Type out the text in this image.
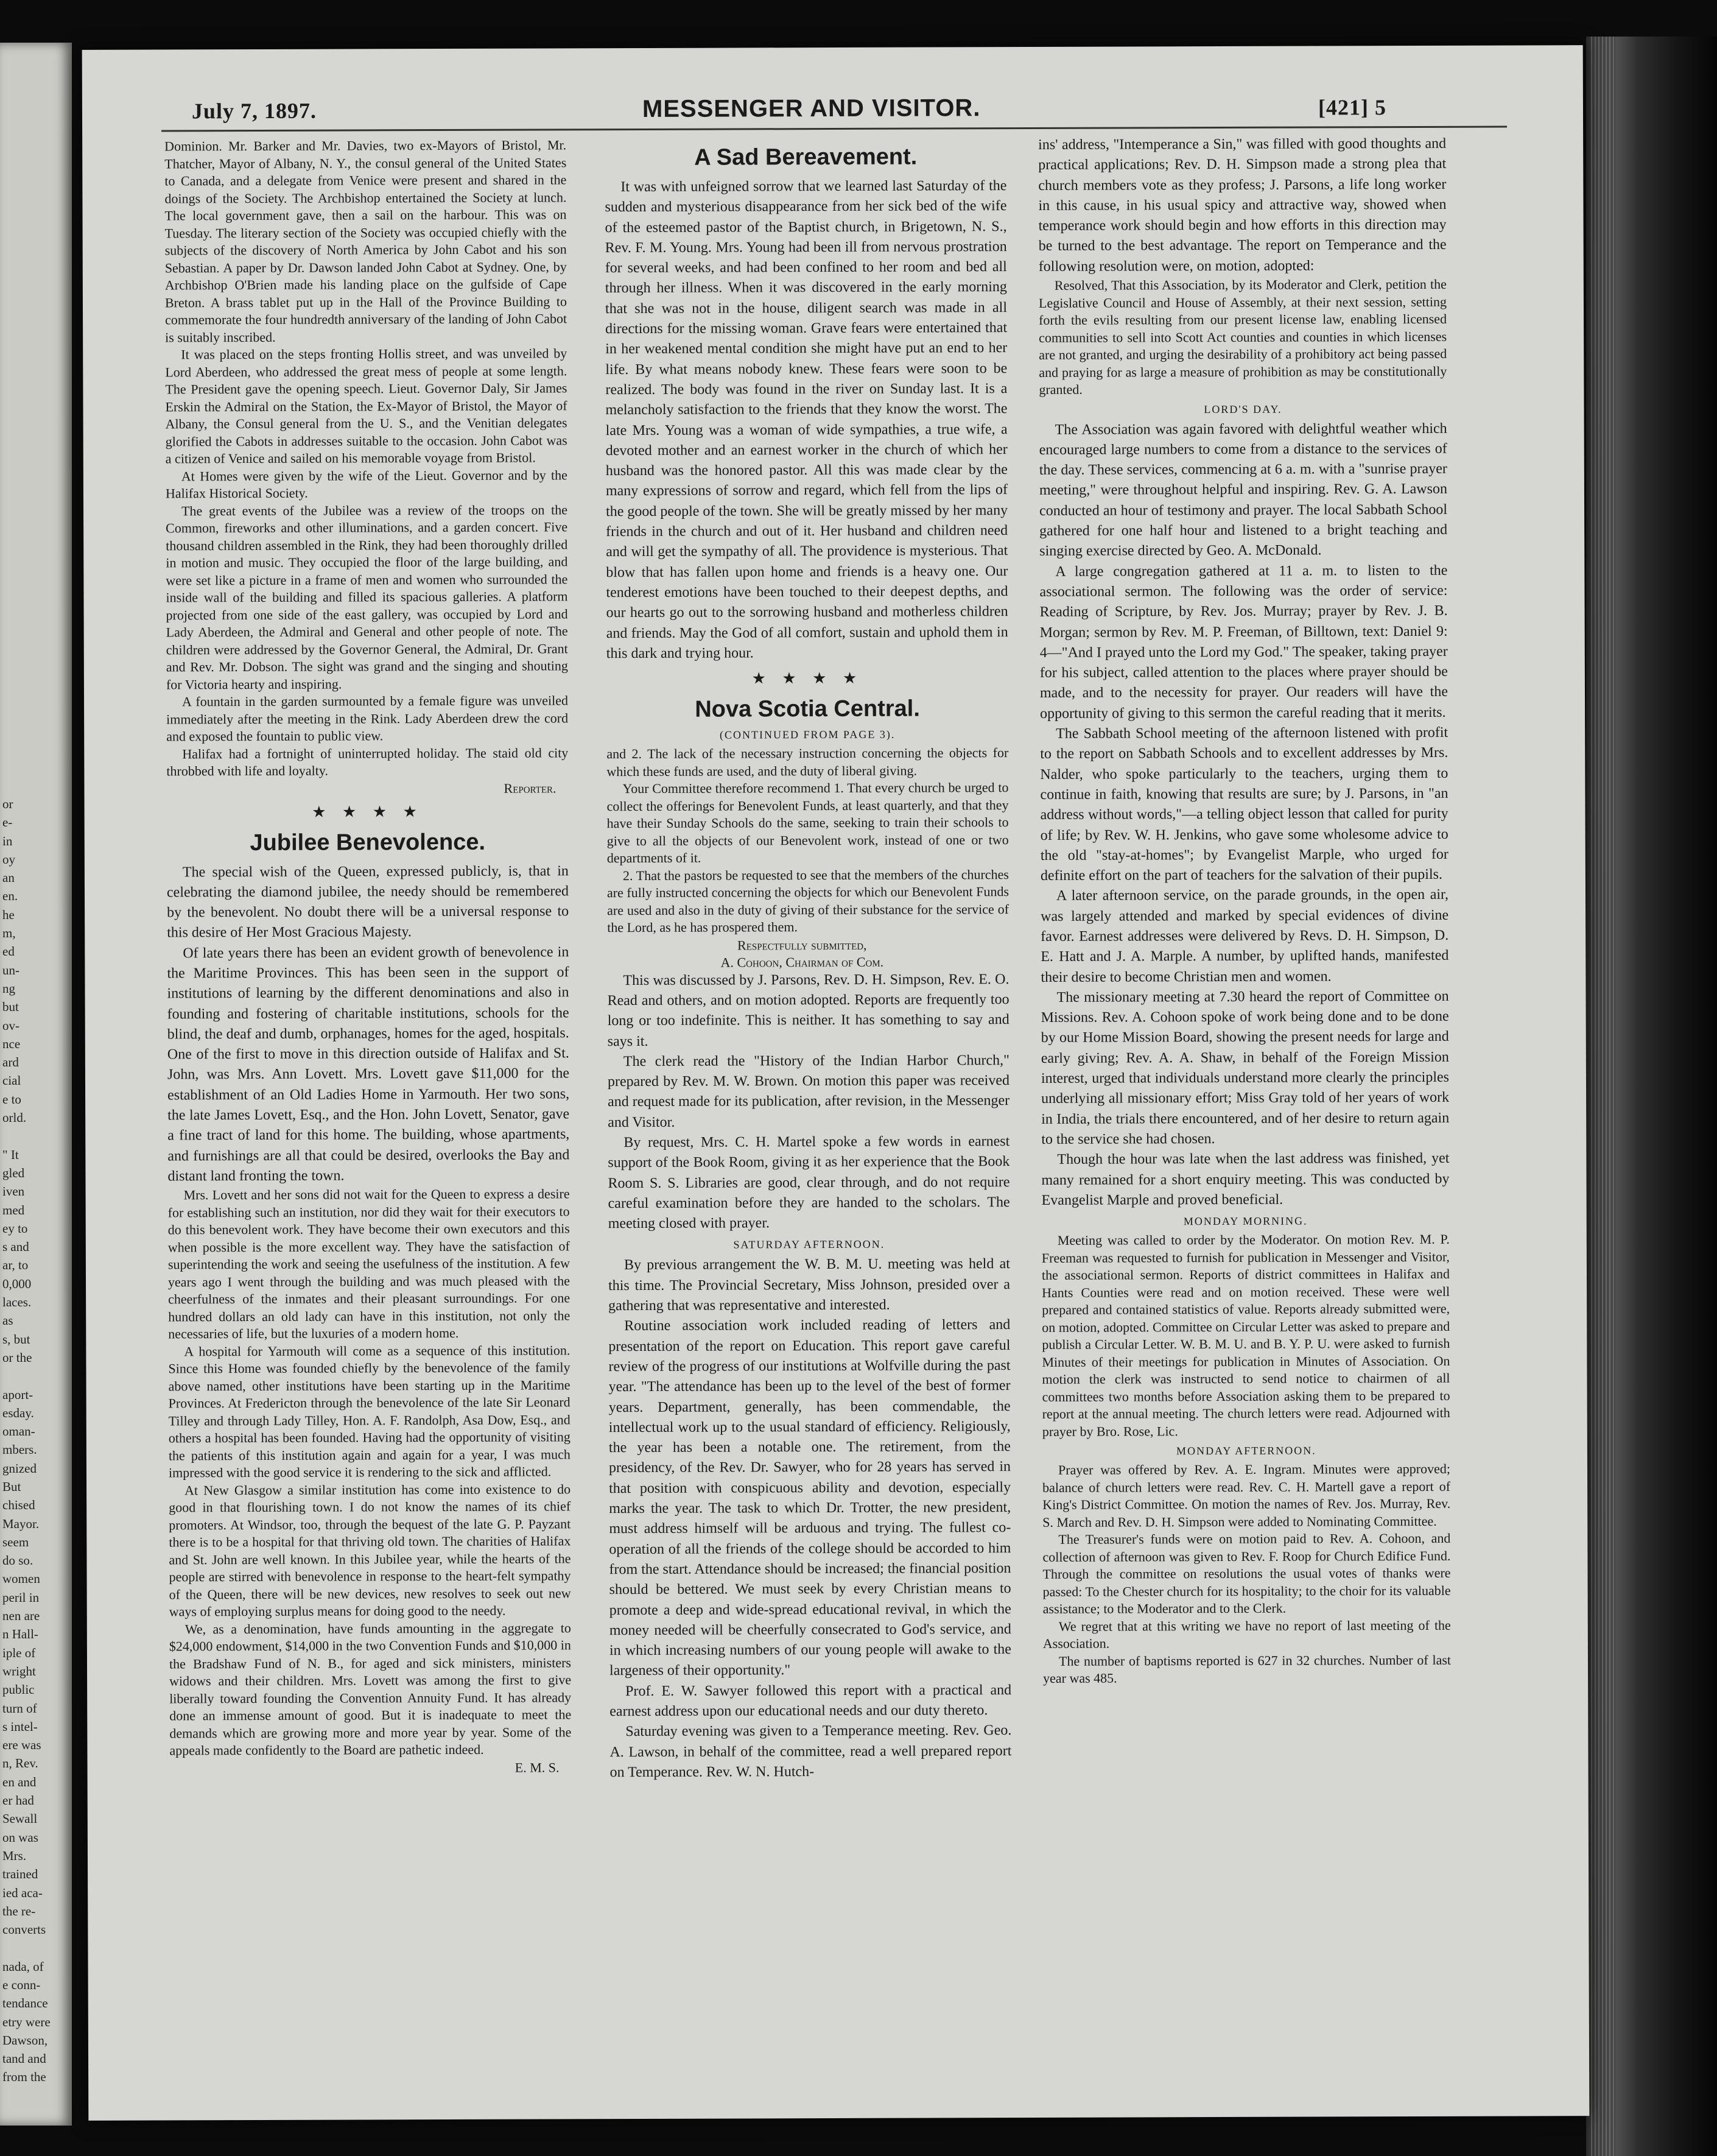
or
e-
in
oy
an
en.
he
m,
ed
un-
ng
but
ov-
nce
ard
cial
e to
orld.
" It
gled
iven
med
ey to
s and
ar, to
0,000
laces.
as
s, but
or the
aport-
esday.
oman-
mbers.
gnized
But
chised
Mayor.
seem
do so.
women
peril in
nen are
n Hall-
iple of
wright
public
turn of
s intel-
ere was
n, Rev.
en and
er had
Sewall
on was
Mrs.
trained
ied aca-
the re-
converts
nada, of
e conn-
tendance
etry were
Dawson,
tand and
from the
July 7, 1897.	MESSENGER AND VISITOR.	[421] 5

Dominion. Mr. Barker and Mr. Davies, two ex-Mayors of Bristol, Mr. Thatcher, Mayor of Albany, N. Y., the consul general of the United States to Canada, and a delegate from Venice were present and shared in the doings of the Society. The Archbishop entertained the Society at lunch. The local government gave, then a sail on the harbour. This was on Tuesday. The literary section of the Society was occupied chiefly with the subjects of the discovery of North America by John Cabot and his son Sebastian. A paper by Dr. Dawson landed John Cabot at Sydney. One, by Archbishop O'Brien made his landing place on the gulfside of Cape Breton. A brass tablet put up in the Hall of the Province Building to commemorate the four hundredth anniversary of the landing of John Cabot is suitably inscribed.

It was placed on the steps fronting Hollis street, and was unveiled by Lord Aberdeen, who addressed the great mess of people at some length. The President gave the opening speech. Lieut. Governor Daly, Sir James Erskin the Admiral on the Station, the Ex-Mayor of Bristol, the Mayor of Albany, the Consul general from the U. S., and the Venitian delegates glorified the Cabots in addresses suitable to the occasion. John Cabot was a citizen of Venice and sailed on his memorable voyage from Bristol.

At Homes were given by the wife of the Lieut. Governor and by the Halifax Historical Society.

The great events of the Jubilee was a review of the troops on the Common, fireworks and other illuminations, and a garden concert. Five thousand children assembled in the Rink, they had been thoroughly drilled in motion and music. They occupied the floor of the large building, and were set like a picture in a frame of men and women who surrounded the inside wall of the building and filled its spacious galleries. A platform projected from one side of the east gallery, was occupied by Lord and Lady Aberdeen, the Admiral and General and other people of note. The children were addressed by the Governor General, the Admiral, Dr. Grant and Rev. Mr. Dobson. The sight was grand and the singing and shouting for Victoria hearty and inspiring.

A fountain in the garden surmounted by a female figure was unveiled immediately after the meeting in the Rink. Lady Aberdeen drew the cord and exposed the fountain to public view.

Halifax had a fortnight of uninterrupted holiday. The staid old city throbbed with life and loyalty.

Reporter.
★ ★ ★ ★
Jubilee Benevolence.

The special wish of the Queen, expressed publicly, is, that in celebrating the diamond jubilee, the needy should be remembered by the benevolent. No doubt there will be a universal response to this desire of Her Most Gracious Majesty.

Of late years there has been an evident growth of benevolence in the Maritime Provinces. This has been seen in the support of institutions of learning by the different denominations and also in founding and fostering of charitable institutions, schools for the blind, the deaf and dumb, orphanages, homes for the aged, hospitals. One of the first to move in this direction outside of Halifax and St. John, was Mrs. Ann Lovett. Mrs. Lovett gave $11,000 for the establishment of an Old Ladies Home in Yarmouth. Her two sons, the late James Lovett, Esq., and the Hon. John Lovett, Senator, gave a fine tract of land for this home. The building, whose apartments, and furnishings are all that could be desired, overlooks the Bay and distant land fronting the town.

Mrs. Lovett and her sons did not wait for the Queen to express a desire for establishing such an institution, nor did they wait for their executors to do this benevolent work. They have become their own executors and this when possible is the more excellent way. They have the satisfaction of superintending the work and seeing the usefulness of the institution. A few years ago I went through the building and was much pleased with the cheerfulness of the inmates and their pleasant surroundings. For one hundred dollars an old lady can have in this institution, not only the necessaries of life, but the luxuries of a modern home.

A hospital for Yarmouth will come as a sequence of this institution. Since this Home was founded chiefly by the benevolence of the family above named, other institutions have been starting up in the Maritime Provinces. At Fredericton through the benevolence of the late Sir Leonard Tilley and through Lady Tilley, Hon. A. F. Randolph, Asa Dow, Esq., and others a hospital has been founded. Having had the opportunity of visiting the patients of this institution again and again for a year, I was much impressed with the good service it is rendering to the sick and afflicted.

At New Glasgow a similar institution has come into existence to do good in that flourishing town. I do not know the names of its chief promoters. At Windsor, too, through the bequest of the late G. P. Payzant there is to be a hospital for that thriving old town. The charities of Halifax and St. John are well known. In this Jubilee year, while the hearts of the people are stirred with benevolence in response to the heart-felt sympathy of the Queen, there will be new devices, new resolves to seek out new ways of employing surplus means for doing good to the needy.

We, as a denomination, have funds amounting in the aggregate to $24,000 endowment, $14,000 in the two Convention Funds and $10,000 in the Bradshaw Fund of N. B., for aged and sick ministers, ministers widows and their children. Mrs. Lovett was among the first to give liberally toward founding the Convention Annuity Fund. It has already done an immense amount of good. But it is inadequate to meet the demands which are growing more and more year by year. Some of the appeals made confidently to the Board are pathetic indeed.

E. M. S.
A Sad Bereavement.

It was with unfeigned sorrow that we learned last Saturday of the sudden and mysterious disappearance from her sick bed of the wife of the esteemed pastor of the Baptist church, in Brigetown, N. S., Rev. F. M. Young. Mrs. Young had been ill from nervous prostration for several weeks, and had been confined to her room and bed all through her illness. When it was discovered in the early morning that she was not in the house, diligent search was made in all directions for the missing woman. Grave fears were entertained that in her weakened mental condition she might have put an end to her life. By what means nobody knew. These fears were soon to be realized. The body was found in the river on Sunday last. It is a melancholy satisfaction to the friends that they know the worst. The late Mrs. Young was a woman of wide sympathies, a true wife, a devoted mother and an earnest worker in the church of which her husband was the honored pastor. All this was made clear by the many expressions of sorrow and regard, which fell from the lips of the good people of the town. She will be greatly missed by her many friends in the church and out of it. Her husband and children need and will get the sympathy of all. The providence is mysterious. That blow that has fallen upon home and friends is a heavy one. Our tenderest emotions have been touched to their deepest depths, and our hearts go out to the sorrowing husband and motherless children and friends. May the God of all comfort, sustain and uphold them in this dark and trying hour.

★ ★ ★ ★
Nova Scotia Central.
(CONTINUED FROM PAGE 3).

and 2. The lack of the necessary instruction concerning the objects for which these funds are used, and the duty of liberal giving.

Your Committee therefore recommend 1. That every church be urged to collect the offerings for Benevolent Funds, at least quarterly, and that they have their Sunday Schools do the same, seeking to train their schools to give to all the objects of our Benevolent work, instead of one or two departments of it.

2. That the pastors be requested to see that the members of the churches are fully instructed concerning the objects for which our Benevolent Funds are used and also in the duty of giving of their substance for the service of the Lord, as he has prospered them.

Respectfully submitted,
A. Cohoon, Chairman of Com.

This was discussed by J. Parsons, Rev. D. H. Simpson, Rev. E. O. Read and others, and on motion adopted. Reports are frequently too long or too indefinite. This is neither. It has something to say and says it.

The clerk read the "History of the Indian Harbor Church," prepared by Rev. M. W. Brown. On motion this paper was received and request made for its publication, after revision, in the Messenger and Visitor.

By request, Mrs. C. H. Martel spoke a few words in earnest support of the Book Room, giving it as her experience that the Book Room S. S. Libraries are good, clear through, and do not require careful examination before they are handed to the scholars. The meeting closed with prayer.

SATURDAY AFTERNOON.

By previous arrangement the W. B. M. U. meeting was held at this time. The Provincial Secretary, Miss Johnson, presided over a gathering that was representative and interested.

Routine association work included reading of letters and presentation of the report on Education. This report gave careful review of the progress of our institutions at Wolfville during the past year. "The attendance has been up to the level of the best of former years. Department, generally, has been commendable, the intellectual work up to the usual standard of efficiency. Religiously, the year has been a notable one. The retirement, from the presidency, of the Rev. Dr. Sawyer, who for 28 years has served in that position with conspicuous ability and devotion, especially marks the year. The task to which Dr. Trotter, the new president, must address himself will be arduous and trying. The fullest co-operation of all the friends of the college should be accorded to him from the start. Attendance should be increased; the financial position should be bettered. We must seek by every Christian means to promote a deep and wide-spread educational revival, in which the money needed will be cheerfully consecrated to God's service, and in which increasing numbers of our young people will awake to the largeness of their opportunity."

Prof. E. W. Sawyer followed this report with a practical and earnest address upon our educational needs and our duty thereto.

Saturday evening was given to a Temperance meeting. Rev. Geo. A. Lawson, in behalf of the committee, read a well prepared report on Temperance. Rev. W. N. Hutch-

ins' address, "Intemperance a Sin," was filled with good thoughts and practical applications; Rev. D. H. Simpson made a strong plea that church members vote as they profess; J. Parsons, a life long worker in this cause, in his usual spicy and attractive way, showed when temperance work should begin and how efforts in this direction may be turned to the best advantage. The report on Temperance and the following resolution were, on motion, adopted:

Resolved, That this Association, by its Moderator and Clerk, petition the Legislative Council and House of Assembly, at their next session, setting forth the evils resulting from our present license law, enabling licensed communities to sell into Scott Act counties and counties in which licenses are not granted, and urging the desirability of a prohibitory act being passed and praying for as large a measure of prohibition as may be constitutionally granted.

LORD'S DAY.

The Association was again favored with delightful weather which encouraged large numbers to come from a distance to the services of the day. These services, commencing at 6 a. m. with a "sunrise prayer meeting," were throughout helpful and inspiring. Rev. G. A. Lawson conducted an hour of testimony and prayer. The local Sabbath School gathered for one half hour and listened to a bright teaching and singing exercise directed by Geo. A. McDonald.

A large congregation gathered at 11 a. m. to listen to the associational sermon. The following was the order of service: Reading of Scripture, by Rev. Jos. Murray; prayer by Rev. J. B. Morgan; sermon by Rev. M. P. Freeman, of Billtown, text: Daniel 9: 4—"And I prayed unto the Lord my God." The speaker, taking prayer for his subject, called attention to the places where prayer should be made, and to the necessity for prayer. Our readers will have the opportunity of giving to this sermon the careful reading that it merits.

The Sabbath School meeting of the afternoon listened with profit to the report on Sabbath Schools and to excellent addresses by Mrs. Nalder, who spoke particularly to the teachers, urging them to continue in faith, knowing that results are sure; by J. Parsons, in "an address without words,"—a telling object lesson that called for purity of life; by Rev. W. H. Jenkins, who gave some wholesome advice to the old "stay-at-homes"; by Evangelist Marple, who urged for definite effort on the part of teachers for the salvation of their pupils.

A later afternoon service, on the parade grounds, in the open air, was largely attended and marked by special evidences of divine favor. Earnest addresses were delivered by Revs. D. H. Simpson, D. E. Hatt and J. A. Marple. A number, by uplifted hands, manifested their desire to become Christian men and women.

The missionary meeting at 7.30 heard the report of Committee on Missions. Rev. A. Cohoon spoke of work being done and to be done by our Home Mission Board, showing the present needs for large and early giving; Rev. A. A. Shaw, in behalf of the Foreign Mission interest, urged that individuals understand more clearly the principles underlying all missionary effort; Miss Gray told of her years of work in India, the trials there encountered, and of her desire to return again to the service she had chosen.

Though the hour was late when the last address was finished, yet many remained for a short enquiry meeting. This was conducted by Evangelist Marple and proved beneficial.

MONDAY MORNING.

Meeting was called to order by the Moderator. On motion Rev. M. P. Freeman was requested to furnish for publication in Messenger and Visitor, the associational sermon. Reports of district committees in Halifax and Hants Counties were read and on motion received. These were well prepared and contained statistics of value. Reports already submitted were, on motion, adopted. Committee on Circular Letter was asked to prepare and publish a Circular Letter. W. B. M. U. and B. Y. P. U. were asked to furnish Minutes of their meetings for publication in Minutes of Association. On motion the clerk was instructed to send notice to chairmen of all committees two months before Association asking them to be prepared to report at the annual meeting. The church letters were read. Adjourned with prayer by Bro. Rose, Lic.

MONDAY AFTERNOON.

Prayer was offered by Rev. A. E. Ingram. Minutes were approved; balance of church letters were read. Rev. C. H. Martell gave a report of King's District Committee. On motion the names of Rev. Jos. Murray, Rev. S. March and Rev. D. H. Simpson were added to Nominating Committee.

The Treasurer's funds were on motion paid to Rev. A. Cohoon, and collection of afternoon was given to Rev. F. Roop for Church Edifice Fund. Through the committee on resolutions the usual votes of thanks were passed: To the Chester church for its hospitality; to the choir for its valuable assistance; to the Moderator and to the Clerk.

We regret that at this writing we have no report of last meeting of the Association.

The number of baptisms reported is 627 in 32 churches. Number of last year was 485.
